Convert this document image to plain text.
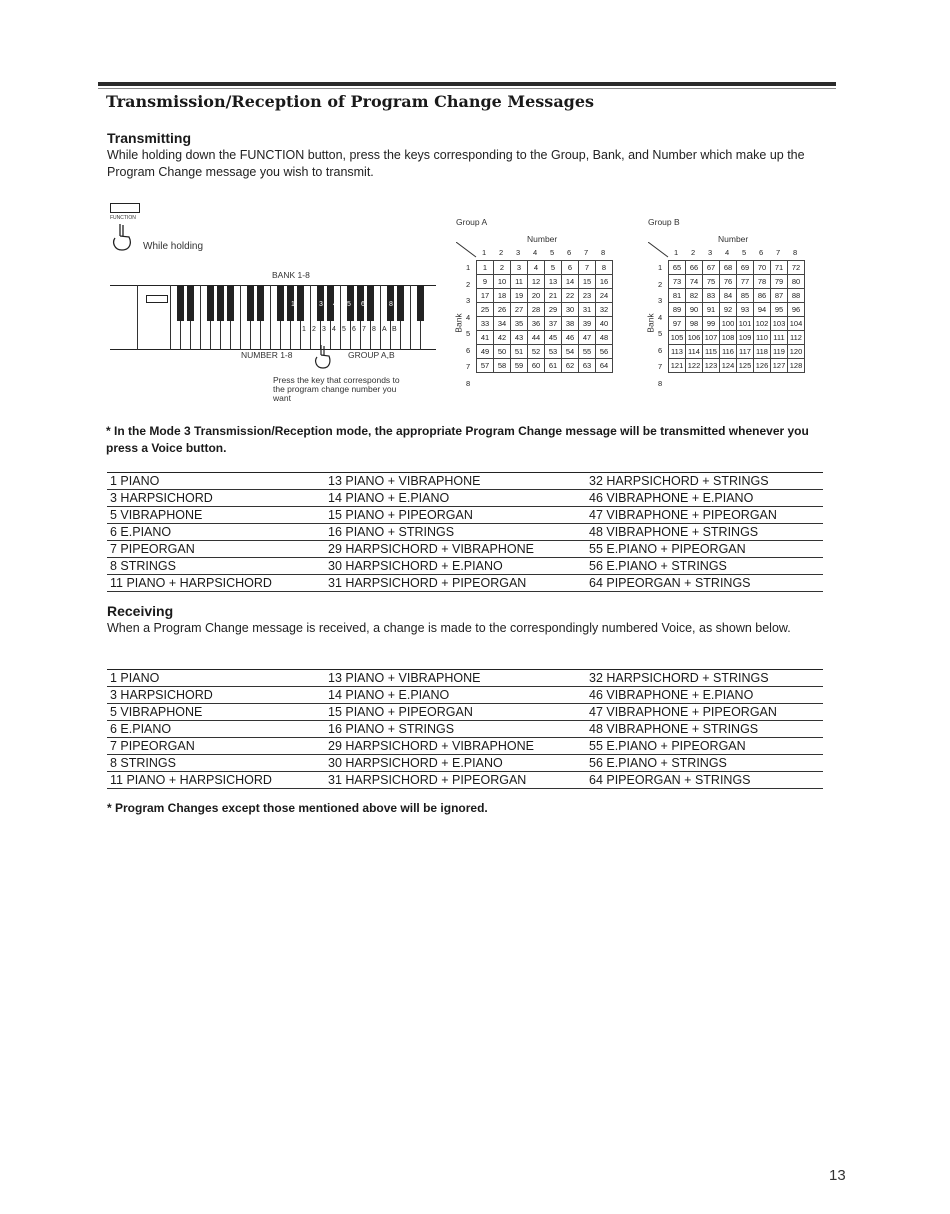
Transmission/Reception of Program Change Messages
Transmitting
While holding down the FUNCTION button, press the keys corresponding to the Group, Bank, and Number which make up the Program Change message you wish to transmit.
FUNCTION
While holding
BANK 1-8
1 2 3 4 5 6 7 8 A B
1 2 3 4 5 6 7 8
NUMBER 1-8	GROUP A,B
Press the key that corresponds to the program change number you want
Group A
Number
1 2 3 4 5 6 7 8
1
2
3
4
5
6
7
8
Bank
1	2	3	4	5	6	7	8
9	10	11	12	13	14	15	16
17	18	19	20	21	22	23	24
25	26	27	28	29	30	31	32
33	34	35	36	37	38	39	40
41	42	43	44	45	46	47	48
49	50	51	52	53	54	55	56
57	58	59	60	61	62	63	64
Group B
Number
1 2 3 4 5 6 7 8
1
2
3
4
5
6
7
8
Bank
65	66	67	68	69	70	71	72
73	74	75	76	77	78	79	80
81	82	83	84	85	86	87	88
89	90	91	92	93	94	95	96
97	98	99	100	101	102	103	104
105	106	107	108	109	110	111	112
113	114	115	116	117	118	119	120
121	122	123	124	125	126	127	128
* In the Mode 3 Transmission/Reception mode, the appropriate Program Change message will be transmitted whenever you press a Voice button.
1 PIANO	13 PIANO + VIBRAPHONE	32 HARPSICHORD + STRINGS
3 HARPSICHORD	14 PIANO + E.PIANO	46 VIBRAPHONE + E.PIANO
5 VIBRAPHONE	15 PIANO + PIPEORGAN	47 VIBRAPHONE + PIPEORGAN
6 E.PIANO	16 PIANO + STRINGS	48 VIBRAPHONE + STRINGS
7 PIPEORGAN	29 HARPSICHORD + VIBRAPHONE	55 E.PIANO + PIPEORGAN
8 STRINGS	30 HARPSICHORD + E.PIANO	56 E.PIANO + STRINGS
11 PIANO + HARPSICHORD	31 HARPSICHORD + PIPEORGAN	64 PIPEORGAN + STRINGS
Receiving
When a Program Change message is received, a change is made to the correspondingly numbered Voice, as shown below.
1 PIANO	13 PIANO + VIBRAPHONE	32 HARPSICHORD + STRINGS
3 HARPSICHORD	14 PIANO + E.PIANO	46 VIBRAPHONE + E.PIANO
5 VIBRAPHONE	15 PIANO + PIPEORGAN	47 VIBRAPHONE + PIPEORGAN
6 E.PIANO	16 PIANO + STRINGS	48 VIBRAPHONE + STRINGS
7 PIPEORGAN	29 HARPSICHORD + VIBRAPHONE	55 E.PIANO + PIPEORGAN
8 STRINGS	30 HARPSICHORD + E.PIANO	56 E.PIANO + STRINGS
11 PIANO + HARPSICHORD	31 HARPSICHORD + PIPEORGAN	64 PIPEORGAN + STRINGS
* Program Changes except those mentioned above will be ignored.
13
